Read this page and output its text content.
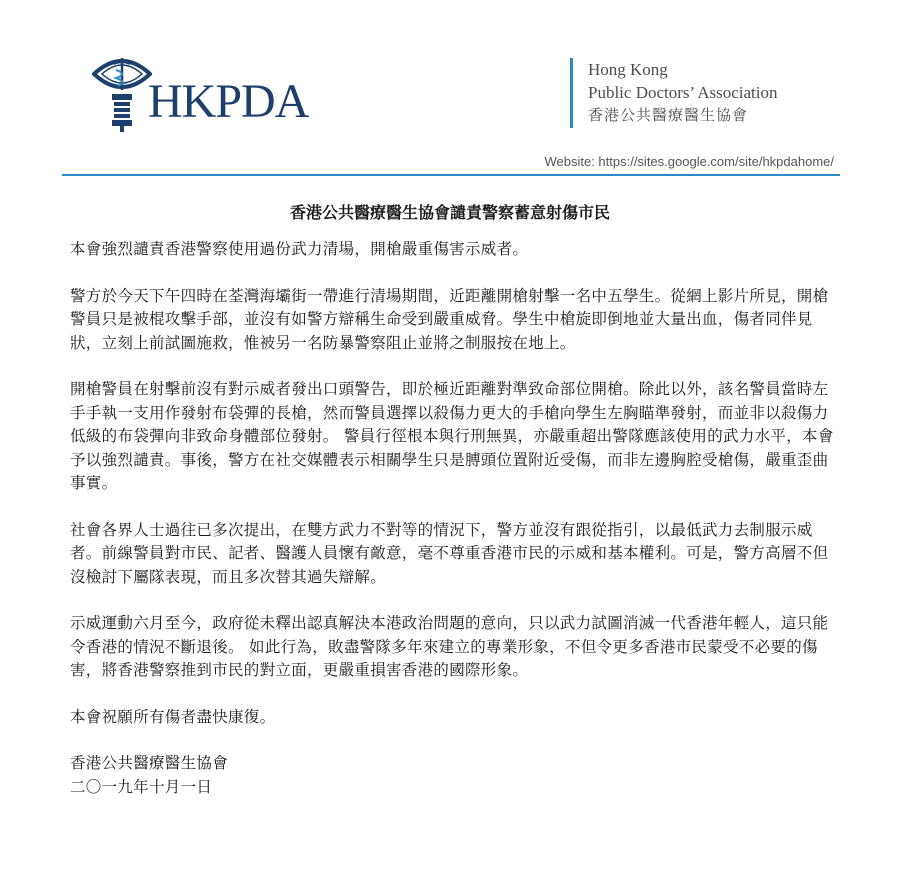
HKPDA
Hong Kong
Public Doctors’ Association
香港公共醫療醫生協會
Website: https://sites.google.com/site/hkpdahome/
香港公共醫療醫生協會譴責警察蓄意射傷市民

本會強烈譴責香港警察使用過份武力清場，開槍嚴重傷害示威者。

警方於今天下午四時在荃灣海壩街一帶進行清場期間，近距離開槍射擊一名中五學生。從網上影片所見，開槍警員只是被棍攻擊手部，並沒有如警方辯稱生命受到嚴重威脅。學生中槍旋即倒地並大量出血，傷者同伴見狀，立刻上前試圖施救，惟被另一名防暴警察阻止並將之制服按在地上。

開槍警員在射擊前沒有對示威者發出口頭警告，即於極近距離對準致命部位開槍。除此以外，該名警員當時左手手執一支用作發射布袋彈的長槍，然而警員選擇以殺傷力更大的手槍向學生左胸瞄準發射，而並非以殺傷力低級的布袋彈向非致命身體部位發射。 警員行徑根本與行刑無異，亦嚴重超出警隊應該使用的武力水平，本會予以強烈譴責。事後，警方在社交媒體表示相關學生只是膊頭位置附近受傷，而非左邊胸腔受槍傷，嚴重歪曲事實。

社會各界人士過往已多次提出，在雙方武力不對等的情況下，警方並沒有跟從指引，以最低武力去制服示威者。前線警員對市民、記者、醫護人員懷有敵意，毫不尊重香港市民的示威和基本權利。可是，警方高層不但沒檢討下屬隊表現，而且多次替其過失辯解。

示威運動六月至今，政府從未釋出認真解決本港政治問題的意向，只以武力試圖消滅一代香港年輕人，這只能令香港的情況不斷退後。 如此行為，敗盡警隊多年來建立的專業形象，不但令更多香港市民蒙受不必要的傷害，將香港警察推到市民的對立面，更嚴重損害香港的國際形象。

本會祝願所有傷者盡快康復。

香港公共醫療醫生協會
二〇一九年十月一日
